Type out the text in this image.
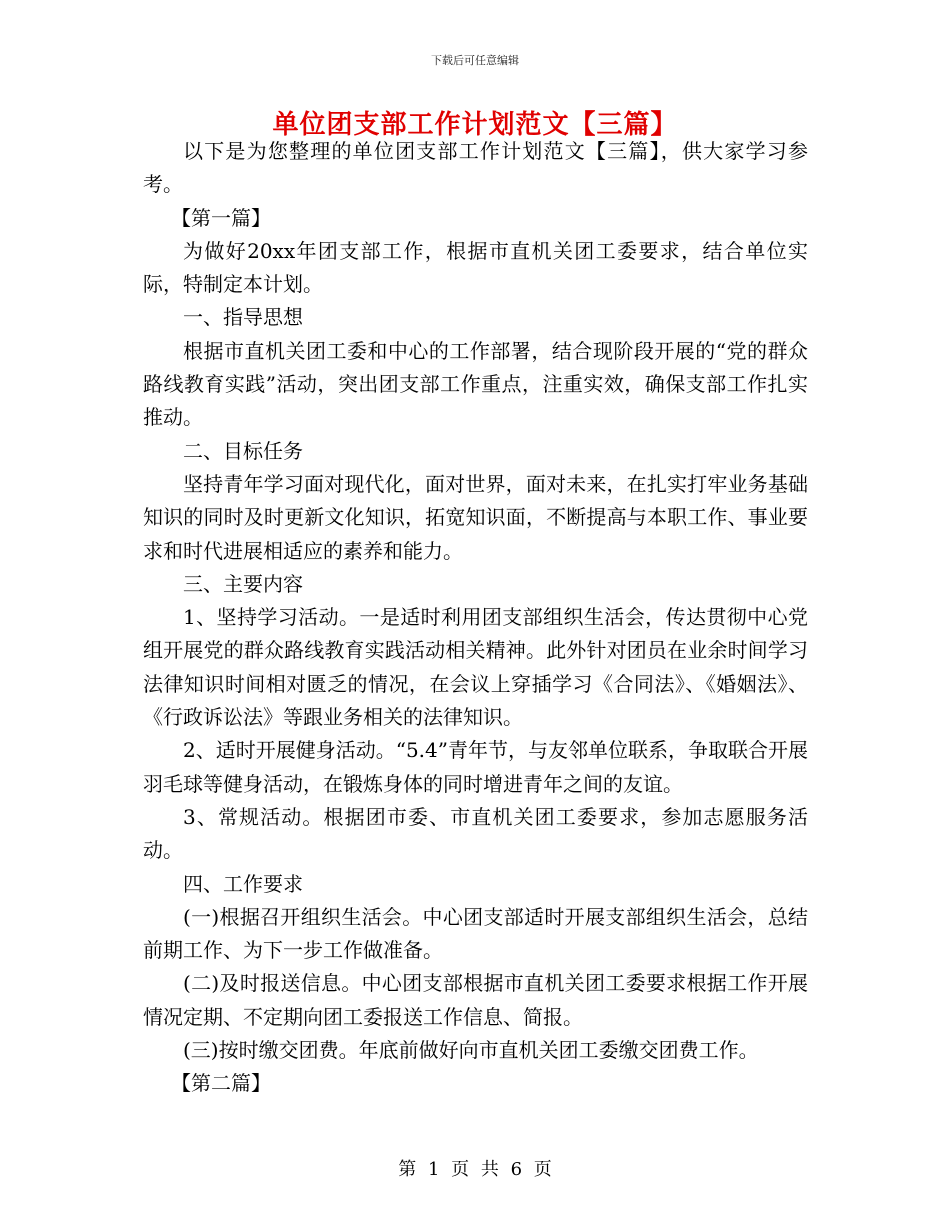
下载后可任意编辑
单位团支部工作计划范文【三篇】

以下是为您整理的单位团支部工作计划范文【三篇】，供大家学习参考。

【第一篇】

为做好20xx年团支部工作，根据市直机关团工委要求，结合单位实际，特制定本计划。

一、指导思想

根据市直机关团工委和中心的工作部署，结合现阶段开展的“党的群众路线教育实践”活动，突出团支部工作重点，注重实效，确保支部工作扎实推动。

二、目标任务

坚持青年学习面对现代化，面对世界，面对未来，在扎实打牢业务基础知识的同时及时更新文化知识，拓宽知识面，不断提高与本职工作、事业要求和时代进展相适应的素养和能力。

三、主要内容

1、坚持学习活动。一是适时利用团支部组织生活会，传达贯彻中心党组开展党的群众路线教育实践活动相关精神。此外针对团员在业余时间学习法律知识时间相对匮乏的情况，在会议上穿插学习《合同法》、《婚姻法》、《行政诉讼法》等跟业务相关的法律知识。

2、适时开展健身活动。“5.4”青年节，与友邻单位联系，争取联合开展羽毛球等健身活动，在锻炼身体的同时增进青年之间的友谊。

3、常规活动。根据团市委、市直机关团工委要求，参加志愿服务活动。

四、工作要求

(一)根据召开组织生活会。中心团支部适时开展支部组织生活会，总结前期工作、为下一步工作做准备。

(二)及时报送信息。中心团支部根据市直机关团工委要求根据工作开展情况定期、不定期向团工委报送工作信息、简报。

(三)按时缴交团费。年底前做好向市直机关团工委缴交团费工作。

【第二篇】

第 1 页 共 6 页
